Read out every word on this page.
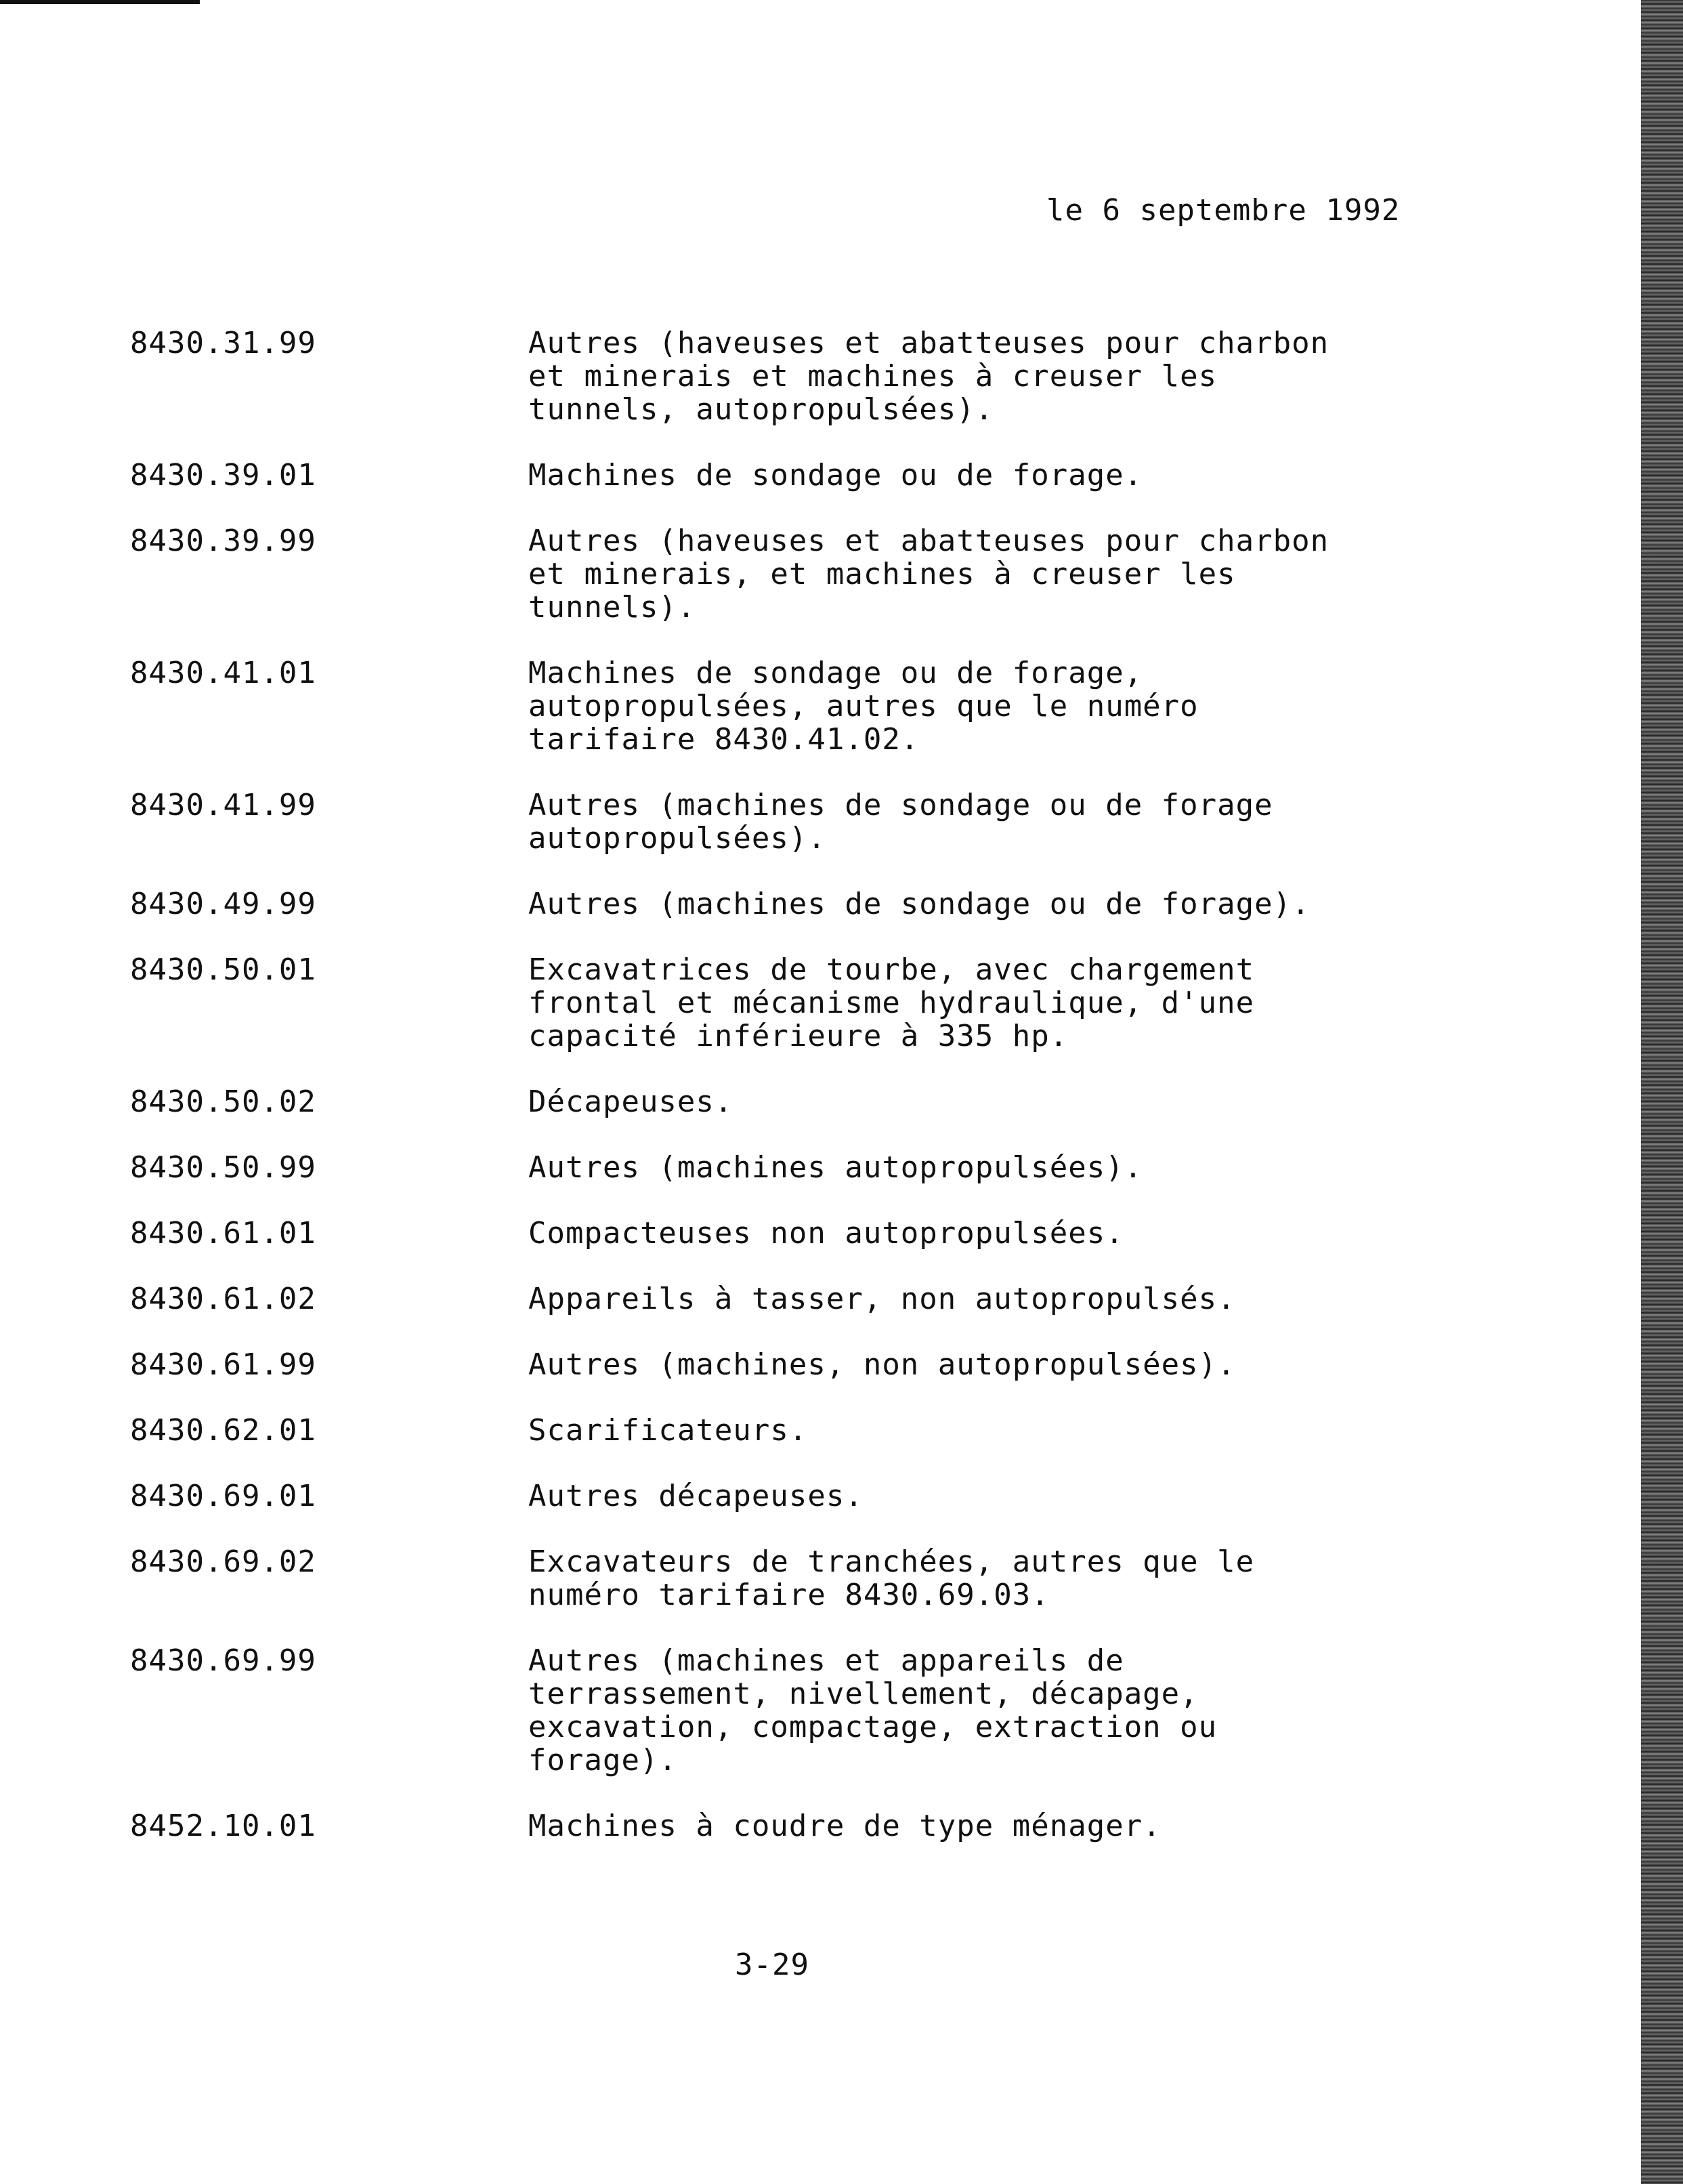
le 6 septembre 1992
8430.31.99	Autres (haveuses et abatteuses pour charbon
et minerais et machines à creuser les
tunnels, autopropulsées).
8430.39.01	Machines de sondage ou de forage.
8430.39.99	Autres (haveuses et abatteuses pour charbon
et minerais, et machines à creuser les
tunnels).
8430.41.01	Machines de sondage ou de forage,
autopropulsées, autres que le numéro
tarifaire 8430.41.02.
8430.41.99	Autres (machines de sondage ou de forage
autopropulsées).
8430.49.99	Autres (machines de sondage ou de forage).
8430.50.01	Excavatrices de tourbe, avec chargement
frontal et mécanisme hydraulique, d'une
capacité inférieure à 335 hp.
8430.50.02	Décapeuses.
8430.50.99	Autres (machines autopropulsées).
8430.61.01	Compacteuses non autopropulsées.
8430.61.02	Appareils à tasser, non autopropulsés.
8430.61.99	Autres (machines, non autopropulsées).
8430.62.01	Scarificateurs.
8430.69.01	Autres décapeuses.
8430.69.02	Excavateurs de tranchées, autres que le
numéro tarifaire 8430.69.03.
8430.69.99	Autres (machines et appareils de
terrassement, nivellement, décapage,
excavation, compactage, extraction ou
forage).
8452.10.01	Machines à coudre de type ménager.
3-29
